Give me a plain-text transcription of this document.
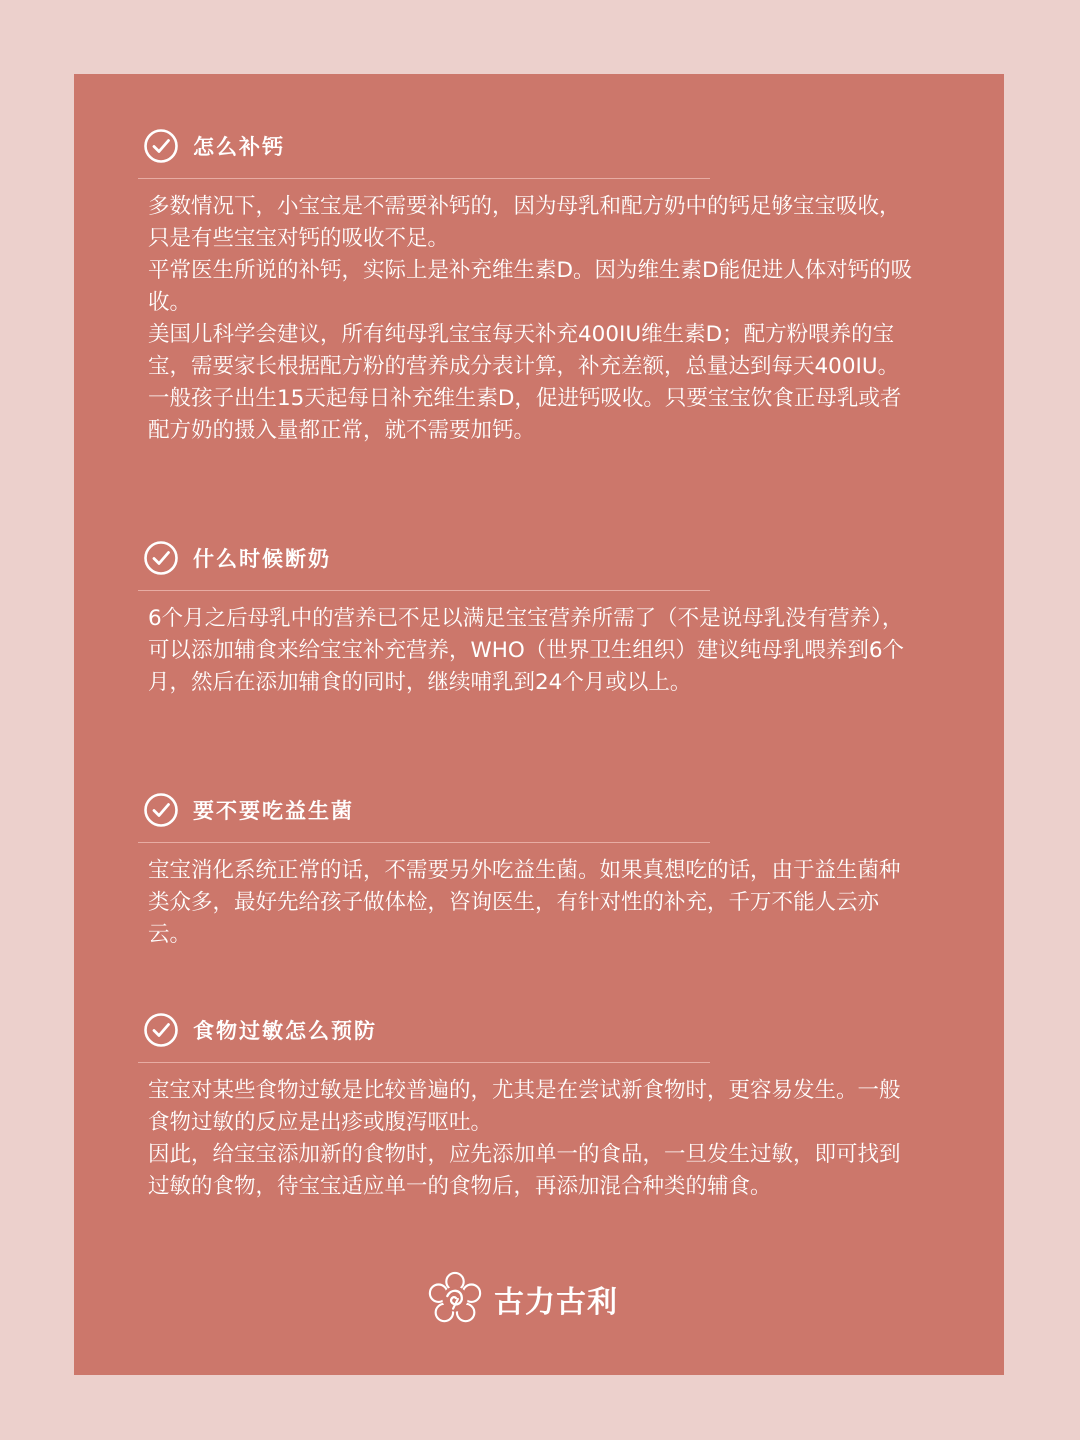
怎么补钙

多数情况下，小宝宝是不需要补钙的，因为母乳和配方奶中的钙足够宝宝吸收，只是有些宝宝对钙的吸收不足。

平常医生所说的补钙，实际上是补充维生素D。因为维生素D能促进人体对钙的吸收。

美国儿科学会建议，所有纯母乳宝宝每天补充400IU维生素D；配方粉喂养的宝宝，需要家长根据配方粉的营养成分表计算，补充差额，总量达到每天400IU。

一般孩子出生15天起每日补充维生素D，促进钙吸收。只要宝宝饮食正母乳或者配方奶的摄入量都正常，就不需要加钙。

什么时候断奶

6个月之后母乳中的营养已不足以满足宝宝营养所需了（不是说母乳没有营养），可以添加辅食来给宝宝补充营养，WHO（世界卫生组织）建议纯母乳喂养到6个月，然后在添加辅食的同时，继续哺乳到24个月或以上。

要不要吃益生菌

宝宝消化系统正常的话，不需要另外吃益生菌。如果真想吃的话，由于益生菌种类众多，最好先给孩子做体检，咨询医生，有针对性的补充，千万不能人云亦云。

食物过敏怎么预防

宝宝对某些食物过敏是比较普遍的，尤其是在尝试新食物时，更容易发生。一般食物过敏的反应是出疹或腹泻呕吐。

因此，给宝宝添加新的食物时，应先添加单一的食品，一旦发生过敏，即可找到过敏的食物，待宝宝适应单一的食物后，再添加混合种类的辅食。

古力古利
